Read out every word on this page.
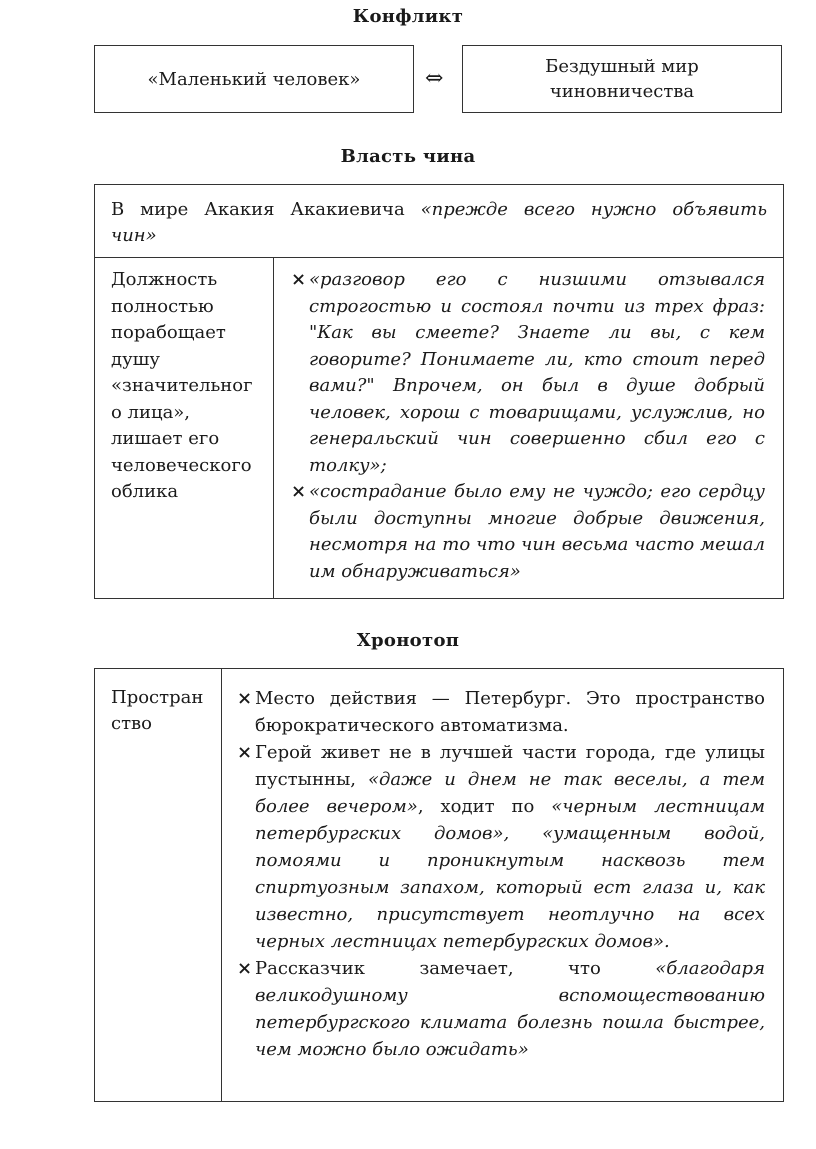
Конфликт
«Маленький человек»	⇔	Бездушный мир
чиновничества
Власть чина
В мире Акакия Акакиевича «прежде всего нужно объявить чин»
Должность полностью порабощает душу «значительного лица», лишает его человеческого облика
× «разговор его с низшими отзывался строгостью и состоял почти из трех фраз: "Как вы смеете? Знаете ли вы, с кем говорите? Понимаете ли, кто стоит перед вами?" Впрочем, он был в душе добрый человек, хорош с товарищами, услужлив, но генеральский чин совершенно сбил его с толку»;
× «сострадание было ему не чуждо; его сердцу были доступны многие добрые движения, несмотря на то что чин весьма часто мешал им обнаруживаться»
Хронотоп
Пространство
× Место действия — Петербург. Это пространство бюрократического автоматизма.
× Герой живет не в лучшей части города, где улицы пустынны, «даже и днем не так веселы, а тем более вечером», ходит по «черным лестницам петербургских домов», «умащенным водой, помоями и проникнутым насквозь тем спиртуозным запахом, который ест глаза и, как известно, присутствует неотлучно на всех черных лестницах петербургских домов».
× Рассказчик замечает, что «благодаря великодушному вспомоществованию петербургского климата болезнь пошла быстрее, чем можно было ожидать»
